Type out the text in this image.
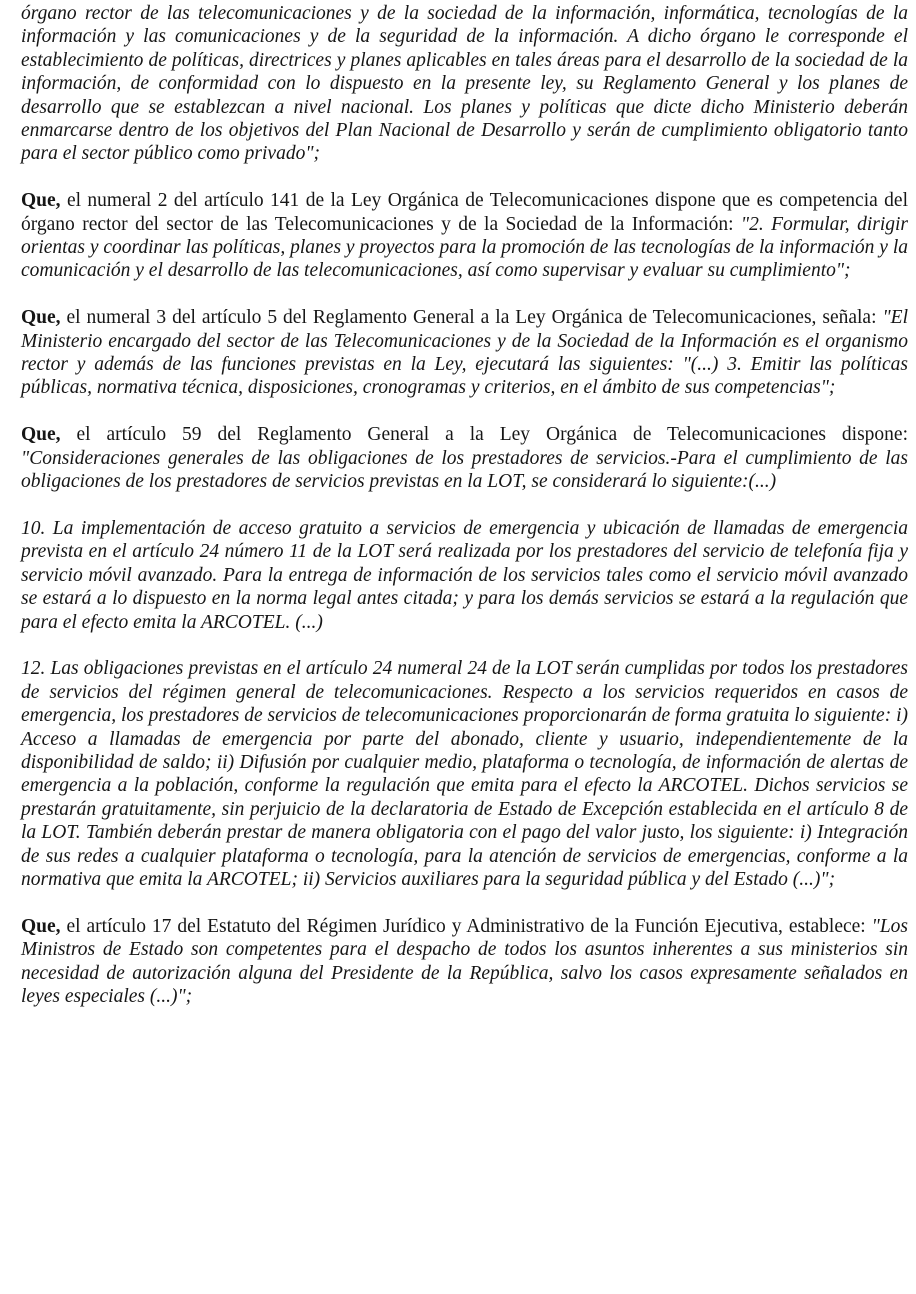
órgano rector de las telecomunicaciones y de la sociedad de la información, informática, tecnologías de la información y las comunicaciones y de la seguridad de la información. A dicho órgano le corresponde el establecimiento de políticas, directrices y planes aplicables en tales áreas para el desarrollo de la sociedad de la información, de conformidad con lo dispuesto en la presente ley, su Reglamento General y los planes de desarrollo que se establezcan a nivel nacional. Los planes y políticas que dicte dicho Ministerio deberán enmarcarse dentro de los objetivos del Plan Nacional de Desarrollo y serán de cumplimiento obligatorio tanto para el sector público como privado";

Que, el numeral 2 del artículo 141 de la Ley Orgánica de Telecomunicaciones dispone que es competencia del órgano rector del sector de las Telecomunicaciones y de la Sociedad de la Información: "2. Formular, dirigir orientas y coordinar las políticas, planes y proyectos para la promoción de las tecnologías de la información y la comunicación y el desarrollo de las telecomunicaciones, así como supervisar y evaluar su cumplimiento";

Que, el numeral 3 del artículo 5 del Reglamento General a la Ley Orgánica de Telecomunicaciones, señala: "El Ministerio encargado del sector de las Telecomunicaciones y de la Sociedad de la Información es el organismo rector y además de las funciones previstas en la Ley, ejecutará las siguientes: "(...) 3. Emitir las políticas públicas, normativa técnica, disposiciones, cronogramas y criterios, en el ámbito de sus competencias";

Que, el artículo 59 del Reglamento General a la Ley Orgánica de Telecomunicaciones dispone: "Consideraciones generales de las obligaciones de los prestadores de servicios.-Para el cumplimiento de las obligaciones de los prestadores de servicios previstas en la LOT, se considerará lo siguiente:(...)

10. La implementación de acceso gratuito a servicios de emergencia y ubicación de llamadas de emergencia prevista en el artículo 24 número 11 de la LOT será realizada por los prestadores del servicio de telefonía fija y servicio móvil avanzado. Para la entrega de información de los servicios tales como el servicio móvil avanzado se estará a lo dispuesto en la norma legal antes citada; y para los demás servicios se estará a la regulación que para el efecto emita la ARCOTEL. (...)

12. Las obligaciones previstas en el artículo 24 numeral 24 de la LOT serán cumplidas por todos los prestadores de servicios del régimen general de telecomunicaciones. Respecto a los servicios requeridos en casos de emergencia, los prestadores de servicios de telecomunicaciones proporcionarán de forma gratuita lo siguiente: i) Acceso a llamadas de emergencia por parte del abonado, cliente y usuario, independientemente de la disponibilidad de saldo; ii) Difusión por cualquier medio, plataforma o tecnología, de información de alertas de emergencia a la población, conforme la regulación que emita para el efecto la ARCOTEL. Dichos servicios se prestarán gratuitamente, sin perjuicio de la declaratoria de Estado de Excepción establecida en el artículo 8 de la LOT. También deberán prestar de manera obligatoria con el pago del valor justo, los siguiente: i) Integración de sus redes a cualquier plataforma o tecnología, para la atención de servicios de emergencias, conforme a la normativa que emita la ARCOTEL; ii) Servicios auxiliares para la seguridad pública y del Estado (...)";

Que, el artículo 17 del Estatuto del Régimen Jurídico y Administrativo de la Función Ejecutiva, establece: "Los Ministros de Estado son competentes para el despacho de todos los asuntos inherentes a sus ministerios sin necesidad de autorización alguna del Presidente de la República, salvo los casos expresamente señalados en leyes especiales (...)";
